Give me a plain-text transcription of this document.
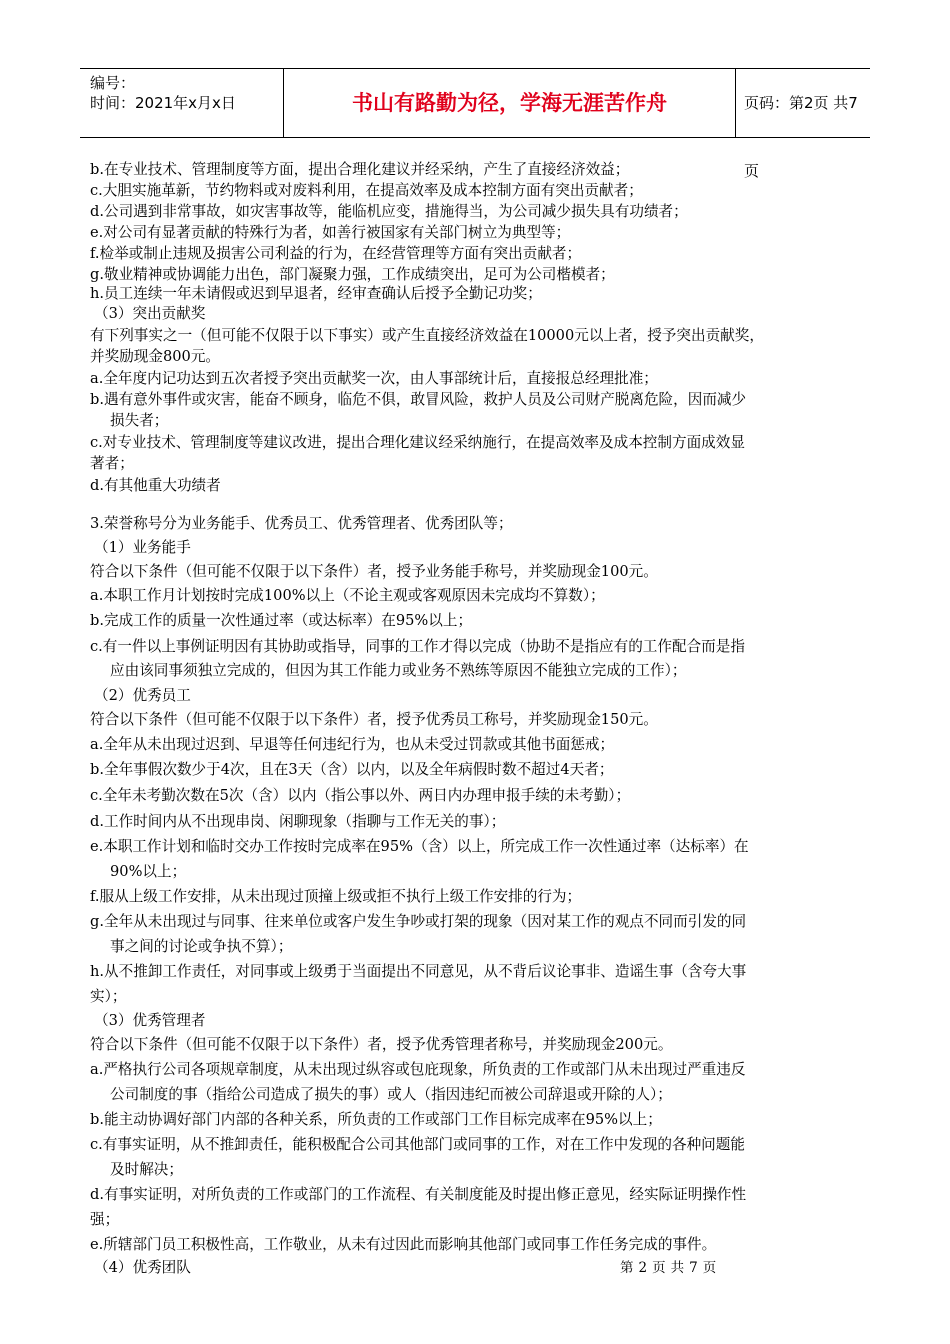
编号：
时间：2021年x月x日	书山有路勤为径，学海无涯苦作舟	页码：第2页 共7页
b.在专业技术、管理制度等方面，提出合理化建议并经采纳，产生了直接经济效益；
c.大胆实施革新，节约物料或对废料利用，在提高效率及成本控制方面有突出贡献者；
d.公司遇到非常事故，如灾害事故等，能临机应变，措施得当，为公司减少损失具有功绩者；
e.对公司有显著贡献的特殊行为者，如善行被国家有关部门树立为典型等；
f.检举或制止违规及损害公司利益的行为，在经营管理等方面有突出贡献者；
g.敬业精神或协调能力出色，部门凝聚力强，工作成绩突出，足可为公司楷模者；
h.员工连续一年未请假或迟到早退者，经审查确认后授予全勤记功奖；
（3）突出贡献奖
有下列事实之一（但可能不仅限于以下事实）或产生直接经济效益在10000元以上者，授予突出贡献奖，
并奖励现金800元。
a.全年度内记功达到五次者授予突出贡献奖一次，由人事部统计后，直接报总经理批准；
b.遇有意外事件或灾害，能奋不顾身，临危不俱，敢冒风险，救护人员及公司财产脱离危险，因而减少
损失者；
c.对专业技术、管理制度等建议改进，提出合理化建议经采纳施行，在提高效率及成本控制方面成效显
著者；
d.有其他重大功绩者
3.荣誉称号分为业务能手、优秀员工、优秀管理者、优秀团队等；
（1）业务能手
符合以下条件（但可能不仅限于以下条件）者，授予业务能手称号，并奖励现金100元。
a.本职工作月计划按时完成100%以上（不论主观或客观原因未完成均不算数）；
b.完成工作的质量一次性通过率（或达标率）在95%以上；
c.有一件以上事例证明因有其协助或指导，同事的工作才得以完成（协助不是指应有的工作配合而是指
应由该同事须独立完成的，但因为其工作能力或业务不熟练等原因不能独立完成的工作）；
（2）优秀员工
符合以下条件（但可能不仅限于以下条件）者，授予优秀员工称号，并奖励现金150元。
a.全年从未出现过迟到、早退等任何违纪行为，也从未受过罚款或其他书面惩戒；
b.全年事假次数少于4次，且在3天（含）以内，以及全年病假时数不超过4天者；
c.全年未考勤次数在5次（含）以内（指公事以外、两日内办理申报手续的未考勤）；
d.工作时间内从不出现串岗、闲聊现象（指聊与工作无关的事）；
e.本职工作计划和临时交办工作按时完成率在95%（含）以上，所完成工作一次性通过率（达标率）在
90%以上；
f.服从上级工作安排，从未出现过顶撞上级或拒不执行上级工作安排的行为；
g.全年从未出现过与同事、往来单位或客户发生争吵或打架的现象（因对某工作的观点不同而引发的同
事之间的讨论或争执不算）；
h.从不推卸工作责任，对同事或上级勇于当面提出不同意见，从不背后议论事非、造谣生事（含夸大事
实）；
（3）优秀管理者
符合以下条件（但可能不仅限于以下条件）者，授予优秀管理者称号，并奖励现金200元。
a.严格执行公司各项规章制度，从未出现过纵容或包庇现象，所负责的工作或部门从未出现过严重违反
公司制度的事（指给公司造成了损失的事）或人（指因违纪而被公司辞退或开除的人）；
b.能主动协调好部门内部的各种关系，所负责的工作或部门工作目标完成率在95%以上；
c.有事实证明，从不推卸责任，能积极配合公司其他部门或同事的工作，对在工作中发现的各种问题能
及时解决；
d.有事实证明，对所负责的工作或部门的工作流程、有关制度能及时提出修正意见，经实际证明操作性
强；
e.所辖部门员工积极性高，工作敬业，从未有过因此而影响其他部门或同事工作任务完成的事件。
（4）优秀团队	第 2 页 共 7 页
